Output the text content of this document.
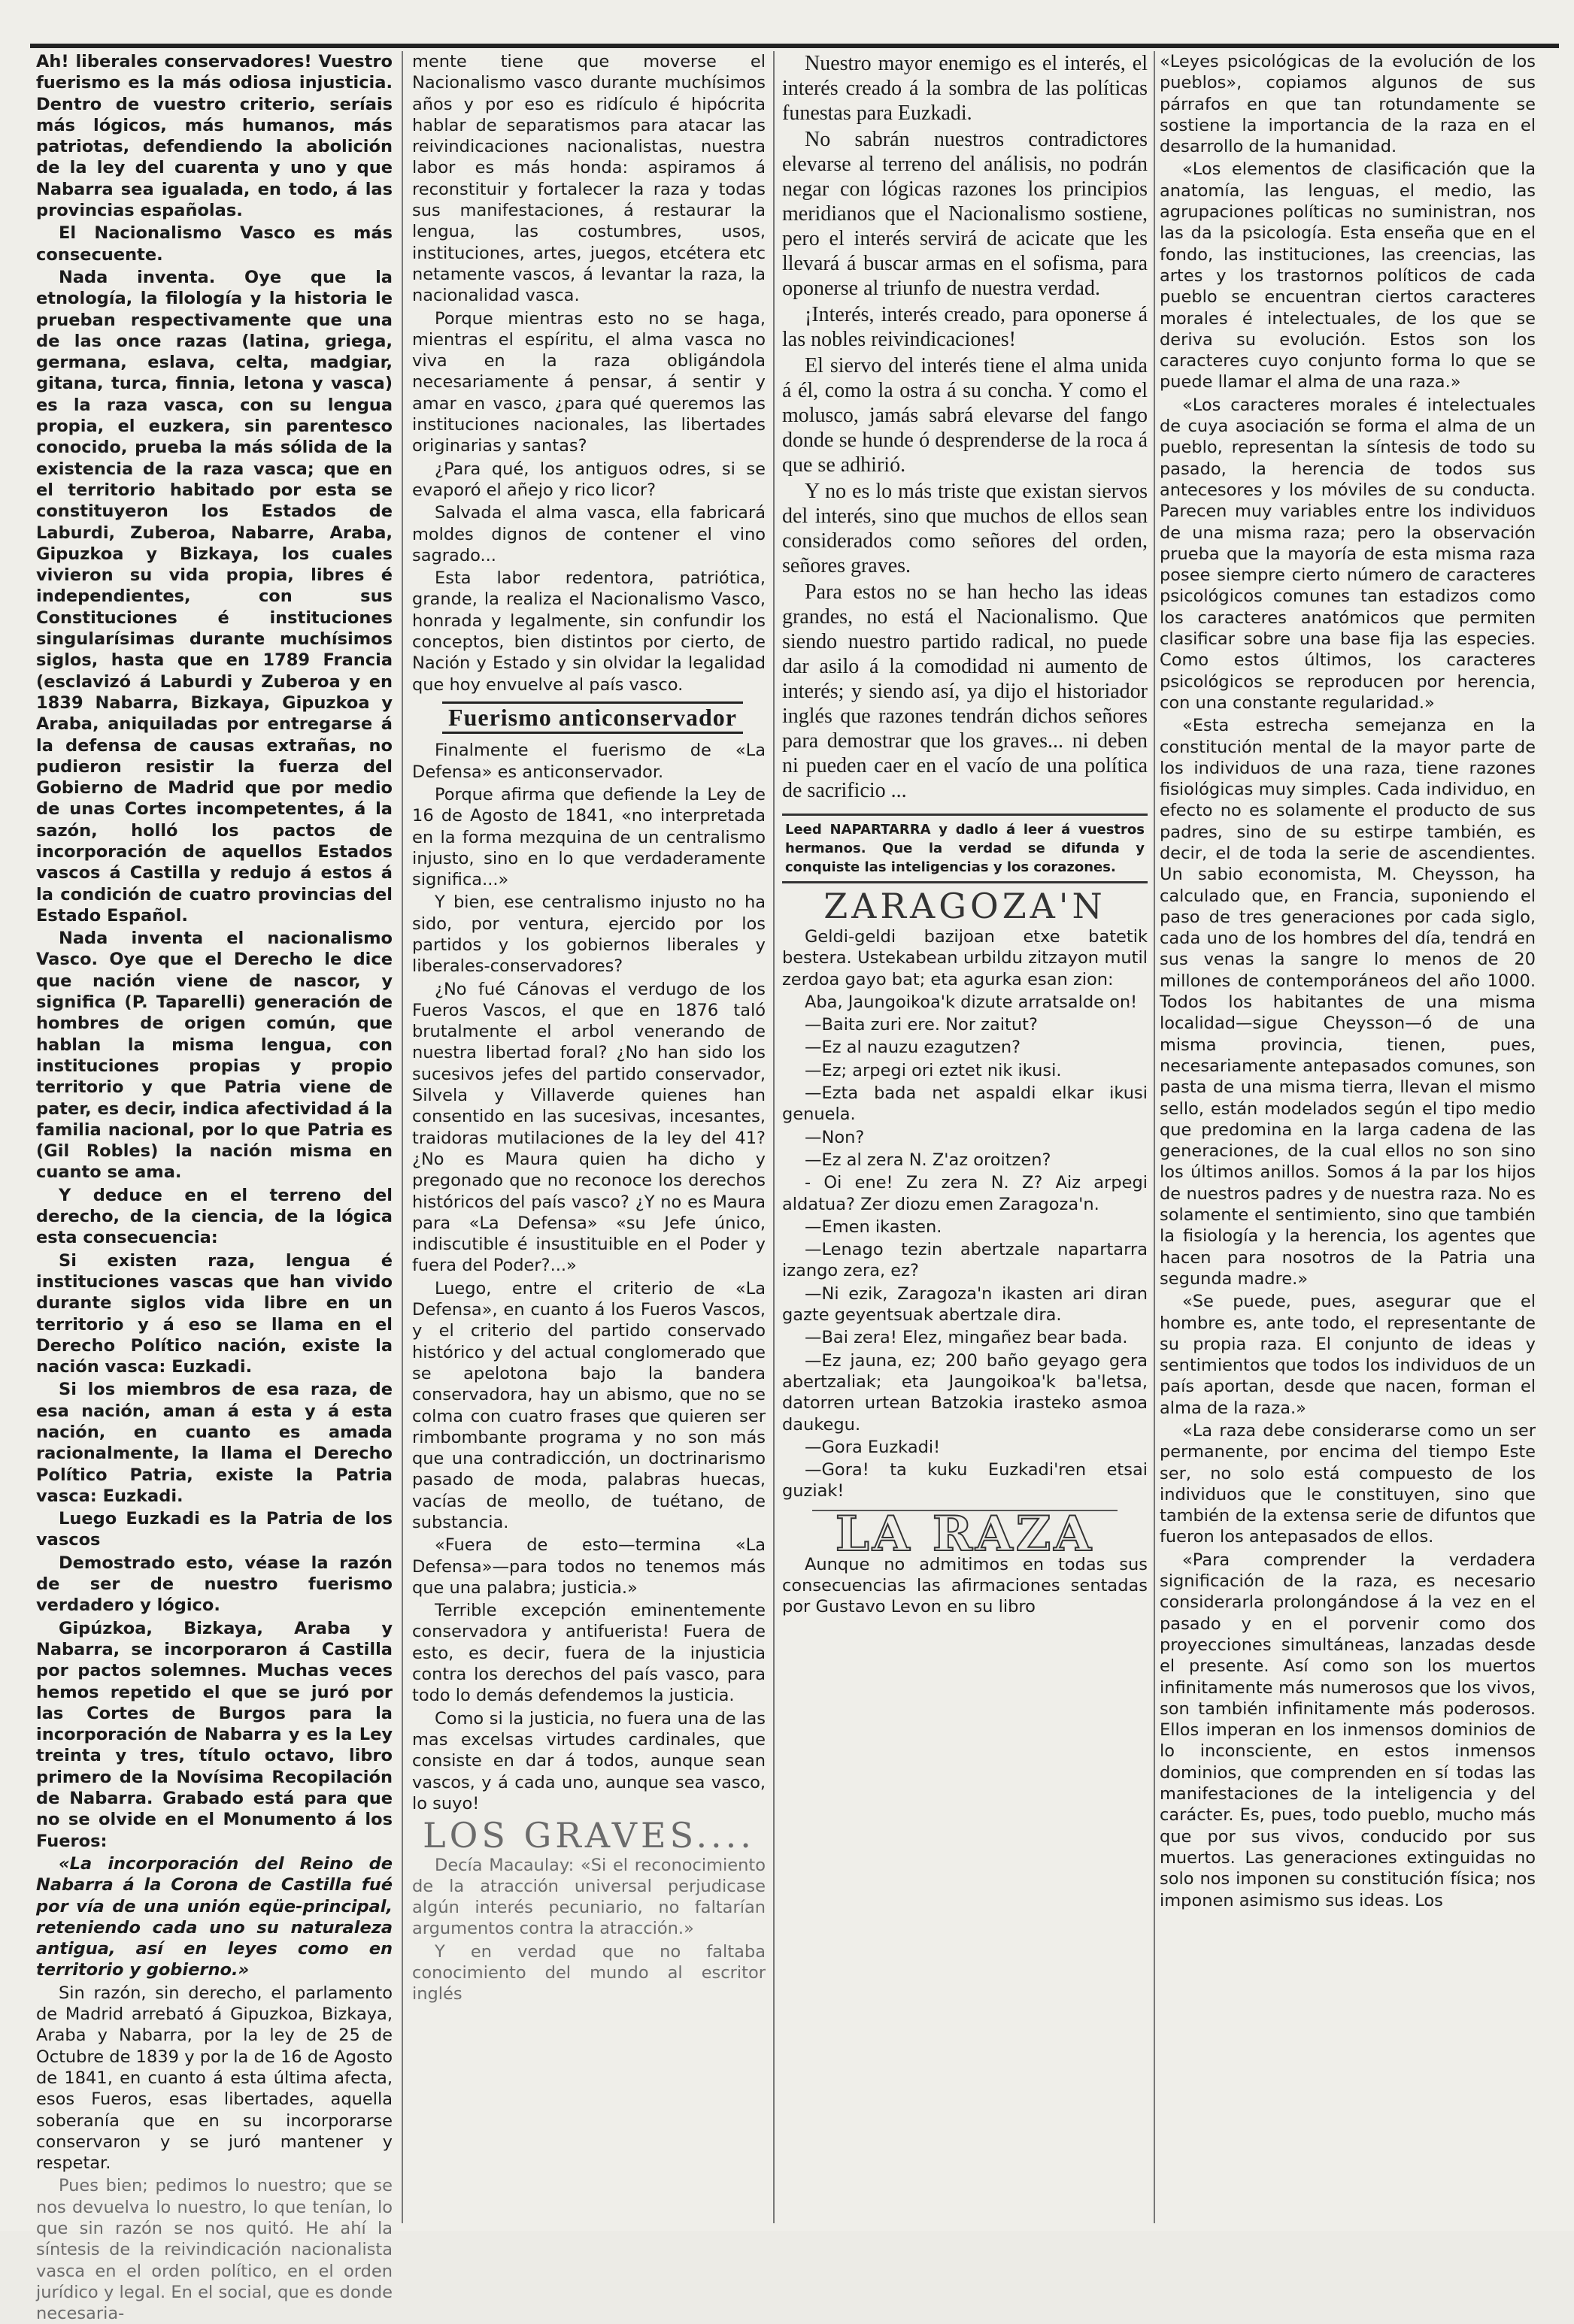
Ah! liberales conservadores! Vuestro fuerismo es la más odiosa injusticia. Dentro de vuestro criterio, seríais más lógicos, más humanos, más patriotas, defendiendo la abolición de la ley del cuarenta y uno y que Nabarra sea igualada, en todo, á las provincias españolas.

El Nacionalismo Vasco es más consecuente.

Nada inventa. Oye que la etnología, la filología y la historia le prueban respectivamente que una de las once razas (latina, griega, germana, eslava, celta, madgiar, gitana, turca, finnia, letona y vasca) es la raza vasca, con su lengua propia, el euzkera, sin parentesco conocido, prueba la más sólida de la existencia de la raza vasca; que en el territorio habitado por esta se constituyeron los Estados de Laburdi, Zuberoa, Nabarre, Araba, Gipuzkoa y Bizkaya, los cuales vivieron su vida propia, libres é independientes, con sus Constituciones é instituciones singularísimas durante muchísimos siglos, hasta que en 1789 Francia (esclavizó á Laburdi y Zuberoa y en 1839 Nabarra, Bizkaya, Gipuzkoa y Araba, aniquiladas por entregarse á la defensa de causas extrañas, no pudieron resistir la fuerza del Gobierno de Madrid que por medio de unas Cortes incompetentes, á la sazón, holló los pactos de incorporación de aquellos Estados vascos á Castilla y redujo á estos á la condición de cuatro provincias del Estado Español.

Nada inventa el nacionalismo Vasco. Oye que el Derecho le dice que nación viene de nascor, y significa (P. Taparelli) generación de hombres de origen común, que hablan la misma lengua, con instituciones propias y propio territorio y que Patria viene de pater, es decir, indica afectividad á la familia nacional, por lo que Patria es (Gil Robles) la nación misma en cuanto se ama.

Y deduce en el terreno del derecho, de la ciencia, de la lógica esta consecuencia:

Si existen raza, lengua é instituciones vascas que han vivido durante siglos vida libre en un territorio y á eso se llama en el Derecho Político nación, existe la nación vasca: Euzkadi.

Si los miembros de esa raza, de esa nación, aman á esta y á esta nación, en cuanto es amada racionalmente, la llama el Derecho Político Patria, existe la Patria vasca: Euzkadi.

Luego Euzkadi es la Patria de los vascos

Demostrado esto, véase la razón de ser de nuestro fuerismo verdadero y lógico.

Gipúzkoa, Bizkaya, Araba y Nabarra, se incorporaron á Castilla por pactos solemnes. Muchas veces hemos repetido el que se juró por las Cortes de Burgos para la incorporación de Nabarra y es la Ley treinta y tres, título octavo, libro primero de la Novísima Recopilación de Nabarra. Grabado está para que no se olvide en el Monumento á los Fueros:

«La incorporación del Reino de Nabarra á la Corona de Castilla fué por vía de una unión eqüe-principal, reteniendo cada uno su naturaleza antigua, así en leyes como en territorio y gobierno.»

Sin razón, sin derecho, el parlamento de Madrid arrebató á Gipuzkoa, Bizkaya, Araba y Nabarra, por la ley de 25 de Octubre de 1839 y por la de 16 de Agosto de 1841, en cuanto á esta última afecta, esos Fueros, esas libertades, aquella soberanía que en su incorporarse conservaron y se juró mantener y respetar.

Pues bien; pedimos lo nuestro; que se nos devuelva lo nuestro, lo que tenían, lo que sin razón se nos quitó. He ahí la síntesis de la reivindicación nacionalista vasca en el orden político, en el orden jurídico y legal. En el social, que es donde necesaria-

mente tiene que moverse el Nacionalismo vasco durante muchísimos años y por eso es ridículo é hipócrita hablar de separatismos para atacar las reivindicaciones nacionalistas, nuestra labor es más honda: aspiramos á reconstituir y fortalecer la raza y todas sus manifestaciones, á restaurar la lengua, las costumbres, usos, instituciones, artes, juegos, etcétera etc netamente vascos, á levantar la raza, la nacionalidad vasca.

Porque mientras esto no se haga, mientras el espíritu, el alma vasca no viva en la raza obligándola necesariamente á pensar, á sentir y amar en vasco, ¿para qué queremos las instituciones nacionales, las libertades originarias y santas?

¿Para qué, los antiguos odres, si se evaporó el añejo y rico licor?

Salvada el alma vasca, ella fabricará moldes dignos de contener el vino sagrado...

Esta labor redentora, patriótica, grande, la realiza el Nacionalismo Vasco, honrada y legalmente, sin confundir los conceptos, bien distintos por cierto, de Nación y Estado y sin olvidar la legalidad que hoy envuelve al país vasco.

Fuerismo anticonservador

Finalmente el fuerismo de «La Defensa» es anticonservador.

Porque afirma que defiende la Ley de 16 de Agosto de 1841, «no interpretada en la forma mezquina de un centralismo injusto, sino en lo que verdaderamente significa...»

Y bien, ese centralismo injusto no ha sido, por ventura, ejercido por los partidos y los gobiernos liberales y liberales-conservadores?

¿No fué Cánovas el verdugo de los Fueros Vascos, el que en 1876 taló brutalmente el arbol venerando de nuestra libertad foral? ¿No han sido los sucesivos jefes del partido conservador, Silvela y Villaverde quienes han consentido en las sucesivas, incesantes, traidoras mutilaciones de la ley del 41? ¿No es Maura quien ha dicho y pregonado que no reconoce los derechos históricos del país vasco? ¿Y no es Maura para «La Defensa» «su Jefe único, indiscutible é insustituible en el Poder y fuera del Poder?...»

Luego, entre el criterio de «La Defensa», en cuanto á los Fueros Vascos, y el criterio del partido conservado histórico y del actual conglomerado que se apelotona bajo la bandera conservadora, hay un abismo, que no se colma con cuatro frases que quieren ser rimbombante programa y no son más que una contradicción, un doctrinarismo pasado de moda, palabras huecas, vacías de meollo, de tuétano, de substancia.

«Fuera de esto—termina «La Defensa»—para todos no tenemos más que una palabra; justicia.»

Terrible excepción eminentemente conservadora y antifuerista! Fuera de esto, es decir, fuera de la injusticia contra los derechos del país vasco, para todo lo demás defendemos la justicia.

Como si la justicia, no fuera una de las mas excelsas virtudes cardinales, que consiste en dar á todos, aunque sean vascos, y á cada uno, aunque sea vasco, lo suyo!

LOS GRAVES....

Decía Macaulay: «Si el reconocimiento de la atracción universal perjudicase algún interés pecuniario, no faltarían argumentos contra la atracción.»

Y en verdad que no faltaba conocimiento del mundo al escritor inglés

Nuestro mayor enemigo es el interés, el interés creado á la sombra de las políticas funestas para Euzkadi.

No sabrán nuestros contradictores elevarse al terreno del análisis, no podrán negar con lógicas razones los principios meridianos que el Nacionalismo sostiene, pero el interés servirá de acicate que les llevará á buscar armas en el sofisma, para oponerse al triunfo de nuestra verdad.

¡Interés, interés creado, para oponerse á las nobles reivindicaciones!

El siervo del interés tiene el alma unida á él, como la ostra á su concha. Y como el molusco, jamás sabrá elevarse del fango donde se hunde ó desprenderse de la roca á que se adhirió.

Y no es lo más triste que existan siervos del interés, sino que muchos de ellos sean considerados como señores del orden, señores graves.

Para estos no se han hecho las ideas grandes, no está el Nacionalismo. Que siendo nuestro partido radical, no puede dar asilo á la comodidad ni aumento de interés; y siendo así, ya dijo el historiador inglés que razones tendrán dichos señores para demostrar que los graves... ni deben ni pueden caer en el vacío de una política de sacrificio ...

Leed NAPARTARRA y dadlo á leer á vuestros hermanos. Que la verdad se difunda y conquiste las inteligencias y los corazones.
ZARAGOZA'N

Geldi-geldi bazijoan etxe batetik bestera. Ustekabean urbildu zitzayon mutil zerdoa gayo bat; eta agurka esan zion:

Aba, Jaungoikoa'k dizute arratsalde on!

—Baita zuri ere. Nor zaitut?

—Ez al nauzu ezagutzen?

—Ez; arpegi ori eztet nik ikusi.

—Ezta bada net aspaldi elkar ikusi genuela.

—Non?

—Ez al zera N. Z'az oroitzen?

- Oi ene! Zu zera N. Z? Aiz arpegi aldatua? Zer diozu emen Zaragoza'n.

—Emen ikasten.

—Lenago tezin abertzale napartarra izango zera, ez?

—Ni ezik, Zaragoza'n ikasten ari diran gazte geyentsuak abertzale dira.

—Bai zera! Elez, mingañez bear bada.

—Ez jauna, ez; 200 baño geyago gera abertzaliak; eta Jaungoikoa'k ba'letsa, datorren urtean Batzokia irasteko asmoa daukegu.

—Gora Euzkadi!

—Gora! ta kuku Euzkadi'ren etsai guziak!

LA RAZA

Aunque no admitimos en todas sus consecuencias las afirmaciones sentadas por Gustavo Levon en su libro

«Leyes psicológicas de la evolución de los pueblos», copiamos algunos de sus párrafos en que tan rotundamente se sostiene la importancia de la raza en el desarrollo de la humanidad.

«Los elementos de clasificación que la anatomía, las lenguas, el medio, las agrupaciones políticas no suministran, nos las da la psicología. Esta enseña que en el fondo, las instituciones, las creencias, las artes y los trastornos políticos de cada pueblo se encuentran ciertos caracteres morales é intelectuales, de los que se deriva su evolución. Estos son los caracteres cuyo conjunto forma lo que se puede llamar el alma de una raza.»

«Los caracteres morales é intelectuales de cuya asociación se forma el alma de un pueblo, representan la síntesis de todo su pasado, la herencia de todos sus antecesores y los móviles de su conducta. Parecen muy variables entre los individuos de una misma raza; pero la observación prueba que la mayoría de esta misma raza posee siempre cierto número de caracteres psicológicos comunes tan estadizos como los caracteres anatómicos que permiten clasificar sobre una base fija las especies. Como estos últimos, los caracteres psicológicos se reproducen por herencia, con una constante regularidad.»

«Esta estrecha semejanza en la constitución mental de la mayor parte de los individuos de una raza, tiene razones fisiológicas muy simples. Cada individuo, en efecto no es solamente el producto de sus padres, sino de su estirpe también, es decir, el de toda la serie de ascendientes. Un sabio economista, M. Cheysson, ha calculado que, en Francia, suponiendo el paso de tres generaciones por cada siglo, cada uno de los hombres del día, tendrá en sus venas la sangre lo menos de 20 millones de contemporáneos del año 1000. Todos los habitantes de una misma localidad—sigue Cheysson—ó de una misma provincia, tienen, pues, necesariamente antepasados comunes, son pasta de una misma tierra, llevan el mismo sello, están modelados según el tipo medio que predomina en la larga cadena de las generaciones, de la cual ellos no son sino los últimos anillos. Somos á la par los hijos de nuestros padres y de nuestra raza. No es solamente el sentimiento, sino que también la fisiología y la herencia, los agentes que hacen para nosotros de la Patria una segunda madre.»

«Se puede, pues, asegurar que el hombre es, ante todo, el representante de su propia raza. El conjunto de ideas y sentimientos que todos los individuos de un país aportan, desde que nacen, forman el alma de la raza.»

«La raza debe considerarse como un ser permanente, por encima del tiempo Este ser, no solo está compuesto de los individuos que le constituyen, sino que también de la extensa serie de difuntos que fueron los antepasados de ellos.

«Para comprender la verdadera significación de la raza, es necesario considerarla prolongándose á la vez en el pasado y en el porvenir como dos proyecciones simultáneas, lanzadas desde el presente. Así como son los muertos infinitamente más numerosos que los vivos, son también infinitamente más poderosos. Ellos imperan en los inmensos dominios de lo inconsciente, en estos inmensos dominios, que comprenden en sí todas las manifestaciones de la inteligencia y del carácter. Es, pues, todo pueblo, mucho más que por sus vivos, conducido por sus muertos. Las generaciones extinguidas no solo nos imponen su constitución física; nos imponen asimismo sus ideas. Los
